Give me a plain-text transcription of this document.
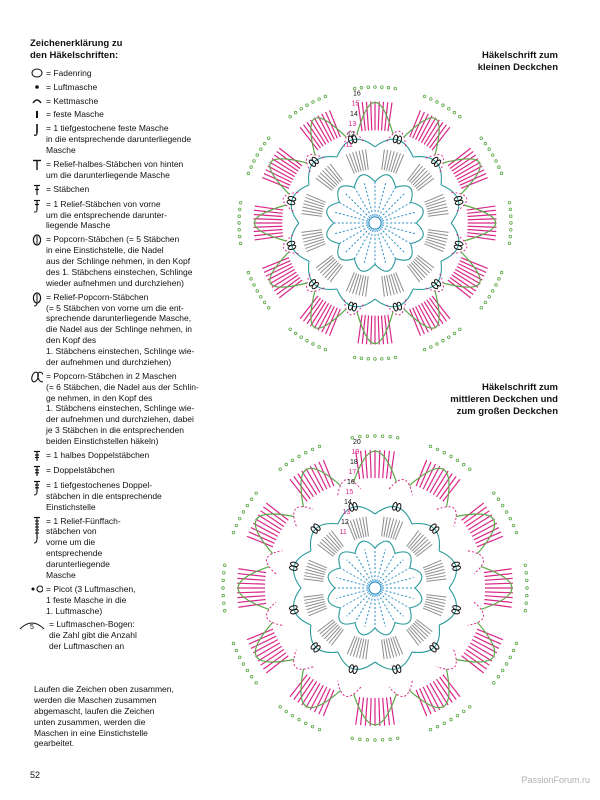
16
15
14
13
12
11
20
19
18
17
16
15
14
13
12
11
Zeichenerklärung zu
den Häkelschriften:
= Fadenring
= Luftmasche
= Kettmasche
= feste Masche
= 1 tiefgestochene feste Masche
in die entsprechende darunterliegende
Masche
= Relief-halbes-Stäbchen von hinten
um die darunterliegende Masche
= Stäbchen
= 1 Relief-Stäbchen von vorne
um die entsprechende darunter-
liegende Masche
= Popcorn-Stäbchen (= 5 Stäbchen
in eine Einstichstelle, die Nadel
aus der Schlinge nehmen, in den Kopf
des 1. Stäbchens einstechen, Schlinge
wieder aufnehmen und durchziehen)
= Relief-Popcorn-Stäbchen
(= 5 Stäbchen von vorne um die ent-
sprechende darunterliegende Masche,
die Nadel aus der Schlinge nehmen, in
den Kopf des
1. Stäbchens einstechen, Schlinge wie-
der aufnehmen und durchziehen)
= Popcorn-Stäbchen in 2 Maschen
(= 6 Stäbchen, die Nadel aus der Schlin-
ge nehmen, in den Kopf des
1. Stäbchens einstechen, Schlinge wie-
der aufnehmen und durchziehen, dabei
je 3 Stäbchen in die entsprechenden
beiden Einstichstellen häkeln)
= 1 halbes Doppelstäbchen
= Doppelstäbchen
= 1 tiefgestochenes Doppel-
stäbchen in die entsprechende
Einstichstelle
= 1 Relief-Fünffach-
stäbchen von
vorne um die
entsprechende
darunterliegende
Masche
= Picot (3 Luftmaschen,
1 feste Masche in die
1. Luftmasche)
5 = Luftmaschen-Bogen:
die Zahl gibt die Anzahl
der Luftmaschen an
Laufen die Zeichen oben zusammen,
werden die Maschen zusammen
abgemascht, laufen die Zeichen
unten zusammen, werden die
Maschen in eine Einstichstelle
gearbeitet.
Häkelschrift zum
kleinen Deckchen
Häkelschrift zum
mittleren Deckchen und
zum großen Deckchen
52	PassionForum.ru
